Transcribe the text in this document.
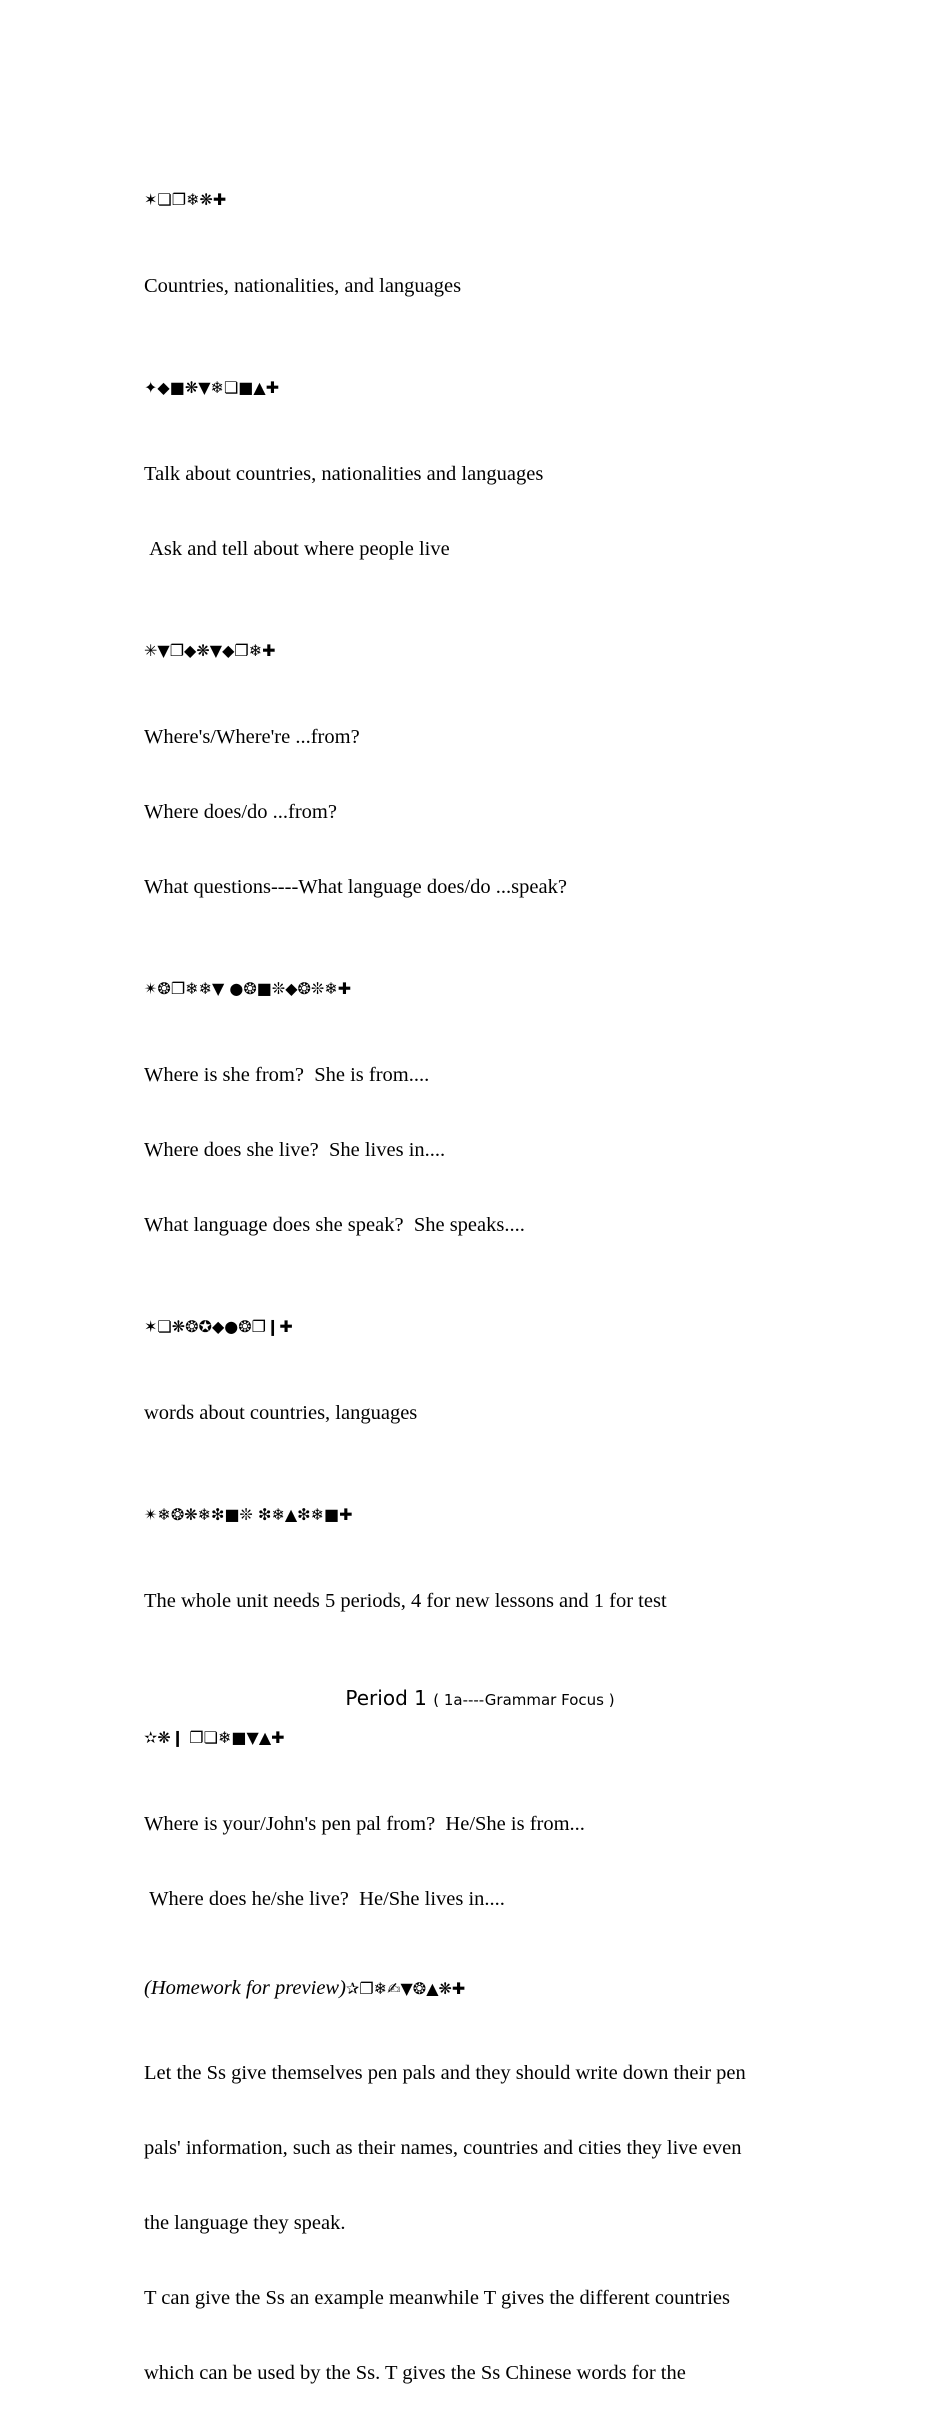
✶❏❐❄❋✚

Countries, nationalities, and languages

✦◆■❋▼❄❏■▲✚

Talk about countries, nationalities and languages

Ask and tell about where people live

✳▼❐◆❋▼◆❐❄✚

Where's/Where're ...from?

Where does/do ...from?

What questions----What language does/do ...speak?

✴❂❐❄❄▼ ●❂■❊◆❂❊❄✚

Where is she from?  She is from....

Where does she live?  She lives in....

What language does she speak?  She speaks....

✶❏❋❂✪◆●❂❐❙✚

words about countries, languages

✴❄❂❋❄❇■❊ ❇❄▲❇❄■✚

The whole unit needs 5 periods, 4 for new lessons and 1 for test

Period 1 ( 1a----Grammar Focus )
✫❋❙ ❐❏❄■▼▲✚

Where is your/John's pen pal from?  He/She is from...

Where does he/she live?  He/She lives in....

(Homework for preview)✰❐❄✍▼❂▲❋✚

Let the Ss give themselves pen pals and they should write down their pen

pals' information, such as their names, countries and cities they live even

the language they speak.

T can give the Ss an example meanwhile T gives the different countries

which can be used by the Ss. T gives the Ss Chinese words for the
